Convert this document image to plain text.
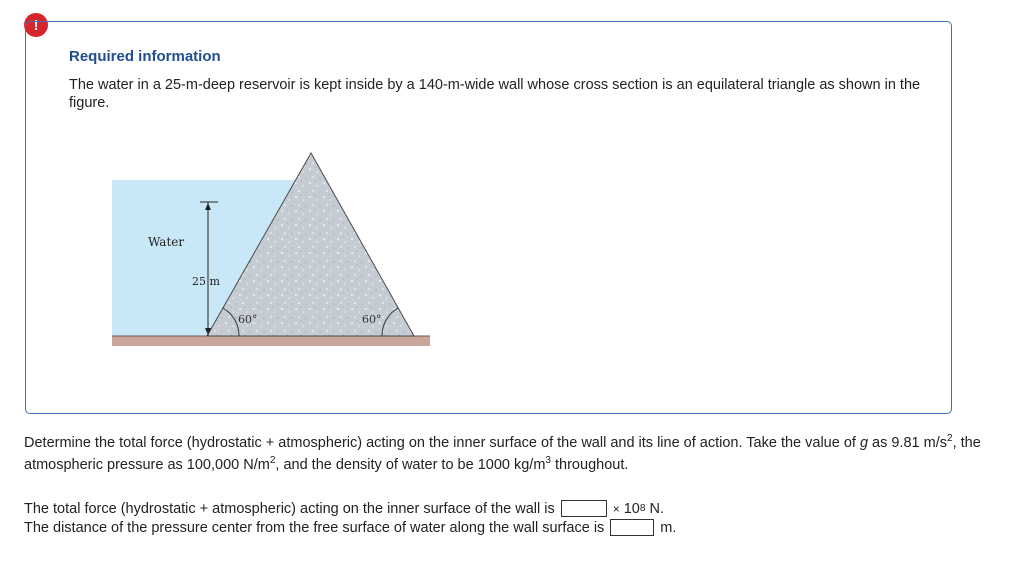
!
Required information
The water in a 25-m-deep reservoir is kept inside by a 140-m-wide wall whose cross section is an equilateral triangle as shown in the figure.
60°	60°
25 m
Water
Determine the total force (hydrostatic + atmospheric) acting on the inner surface of the wall and its line of action. Take the value of g as 9.81 $m/s^2$, the atmospheric pressure as 100,000 $N/m^2$, and the density of water to be 1000 $kg/m^3$ throughout.
The total force (hydrostatic + atmospheric) acting on the inner surface of the wall is	× 10 8 N.
The distance of the pressure center from the free surface of water along the wall surface is	m.
